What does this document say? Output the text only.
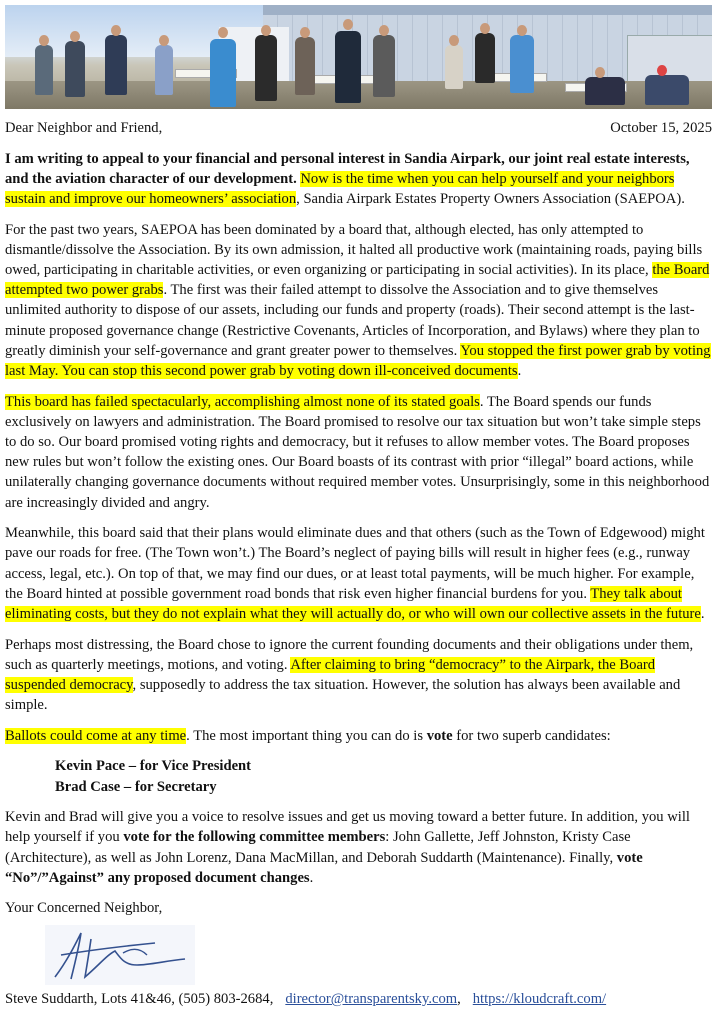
Dear Neighbor and Friend,	October 15, 2025

I am writing to appeal to your financial and personal interest in Sandia Airpark, our joint real estate interests, and the aviation character of our development. Now is the time when you can help yourself and your neighbors sustain and improve our homeowners’ association, Sandia Airpark Estates Property Owners Association (SAEPOA).

For the past two years, SAEPOA has been dominated by a board that, although elected, has only attempted to dismantle/dissolve the Association. By its own admission, it halted all productive work (maintaining roads, paying bills owed, participating in charitable activities, or even organizing or participating in social activities). In its place, the Board attempted two power grabs. The first was their failed attempt to dissolve the Association and to give themselves unlimited authority to dispose of our assets, including our funds and property (roads). Their second attempt is the last-minute proposed governance change (Restrictive Covenants, Articles of Incorporation, and Bylaws) where they plan to greatly diminish your self-governance and grant greater power to themselves. You stopped the first power grab by voting last May. You can stop this second power grab by voting down ill-conceived documents.

This board has failed spectacularly, accomplishing almost none of its stated goals. The Board spends our funds exclusively on lawyers and administration. The Board promised to resolve our tax situation but won’t take simple steps to do so. Our board promised voting rights and democracy, but it refuses to allow member votes. The Board proposes new rules but won’t follow the existing ones. Our Board boasts of its contrast with prior “illegal” board actions, while unilaterally changing governance documents without required member votes. Unsurprisingly, some in this neighborhood are increasingly divided and angry.

Meanwhile, this board said that their plans would eliminate dues and that others (such as the Town of Edgewood) might pave our roads for free. (The Town won’t.) The Board’s neglect of paying bills will result in higher fees (e.g., runway access, legal, etc.). On top of that, we may find our dues, or at least total payments, will be much higher. For example, the Board hinted at possible government road bonds that risk even higher financial burdens for you. They talk about eliminating costs, but they do not explain what they will actually do, or who will own our collective assets in the future.

Perhaps most distressing, the Board chose to ignore the current founding documents and their obligations under them, such as quarterly meetings, motions, and voting. After claiming to bring “democracy” to the Airpark, the Board suspended democracy, supposedly to address the tax situation. However, the solution has always been available and simple.

Ballots could come at any time. The most important thing you can do is vote for two superb candidates:

Kevin Pace – for Vice President
Brad Case – for Secretary

Kevin and Brad will give you a voice to resolve issues and get us moving toward a better future. In addition, you will help yourself if you vote for the following committee members: John Gallette, Jeff Johnston, Kristy Case (Architecture), as well as John Lorenz, Dana MacMillan, and Deborah Suddarth (Maintenance). Finally, vote “No”/”Against” any proposed document changes.

Your Concerned Neighbor,

Steve Suddarth, Lots 41&46, (505) 803-2684, director@transparentsky.com, https://kloudcraft.com/
